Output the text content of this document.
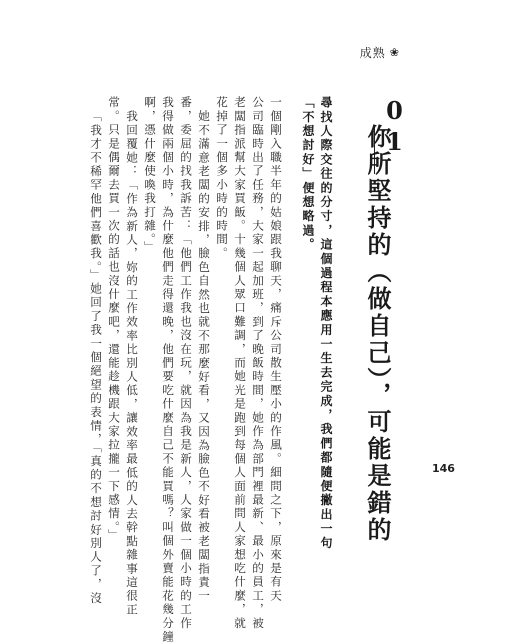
成熟 ❀
01
你所堅持的（做自己），可能是錯的
尋找人際交往的分寸，這個過程本應用一生去完成，我們都隨便撇出一句
「不想討好」便想略過。
一個剛入職半年的姑娘跟我聊天，痛斥公司散生壓小的作風。細問之下，原來是有天
公司臨時出了任務，大家一起加班，到了晚飯時間，她作為部門裡最新、最小的員工，被
老闆指派幫大家買飯。十幾個人眾口難調，而她光是跑到每個人面前問人家想吃什麼，就
花掉了一個多小時的時間。
她不滿意老闆的安排，臉色自然也就不那麼好看，又因為臉色不好看被老闆指責一
番，委屈的找我訴苦：「他們工作我也沒在玩，就因為我是新人，人家做一個小時的工作
我得做兩個小時，為什麼他們走得還晚，他們要吃什麼自己不能買嗎？叫個外賣能花幾分鐘
啊，憑什麼使喚我打雜。」
我回覆她：「作為新人，妳的工作效率比別人低，讓效率最低的人去幹點雜事這很正
常。只是偶爾去買一次的話也沒什麼吧，還能趁機跟大家拉攏一下感情。」
「我才不稀罕他們喜歡我。」她回了我一個絕望的表情，「真的不想討好別人了，沒	146
